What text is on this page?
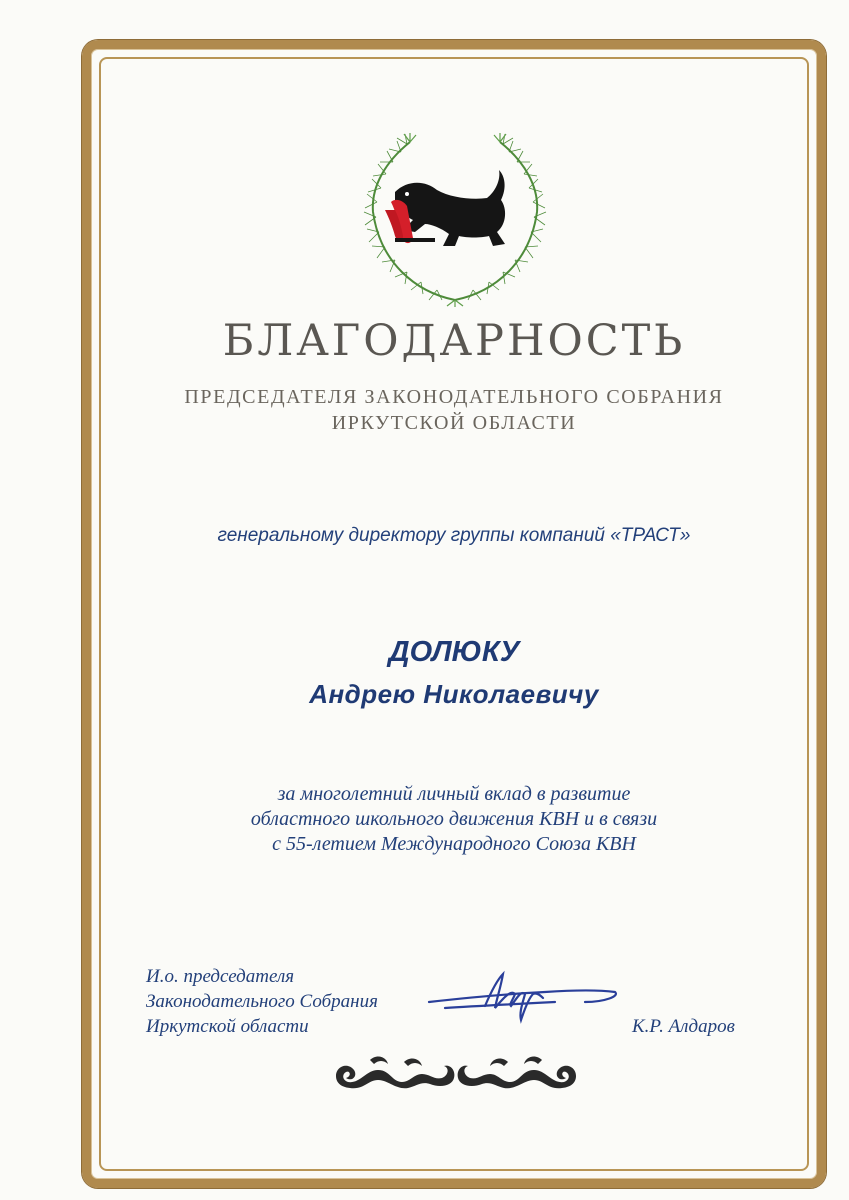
БЛАГОДАРНОСТЬ
ПРЕДСЕДАТЕЛЯ ЗАКОНОДАТЕЛЬНОГО СОБРАНИЯ
ИРКУТСКОЙ ОБЛАСТИ
генеральному директору группы компаний «ТРАСТ»
ДОЛЮКУ
Андрею Николаевичу
за многолетний личный вклад в развитие
областного школьного движения КВН и в связи
с 55-летием Международного Союза КВН
И.о. председателя
Законодательного Собрания
Иркутской области	К.Р. Алдаров
